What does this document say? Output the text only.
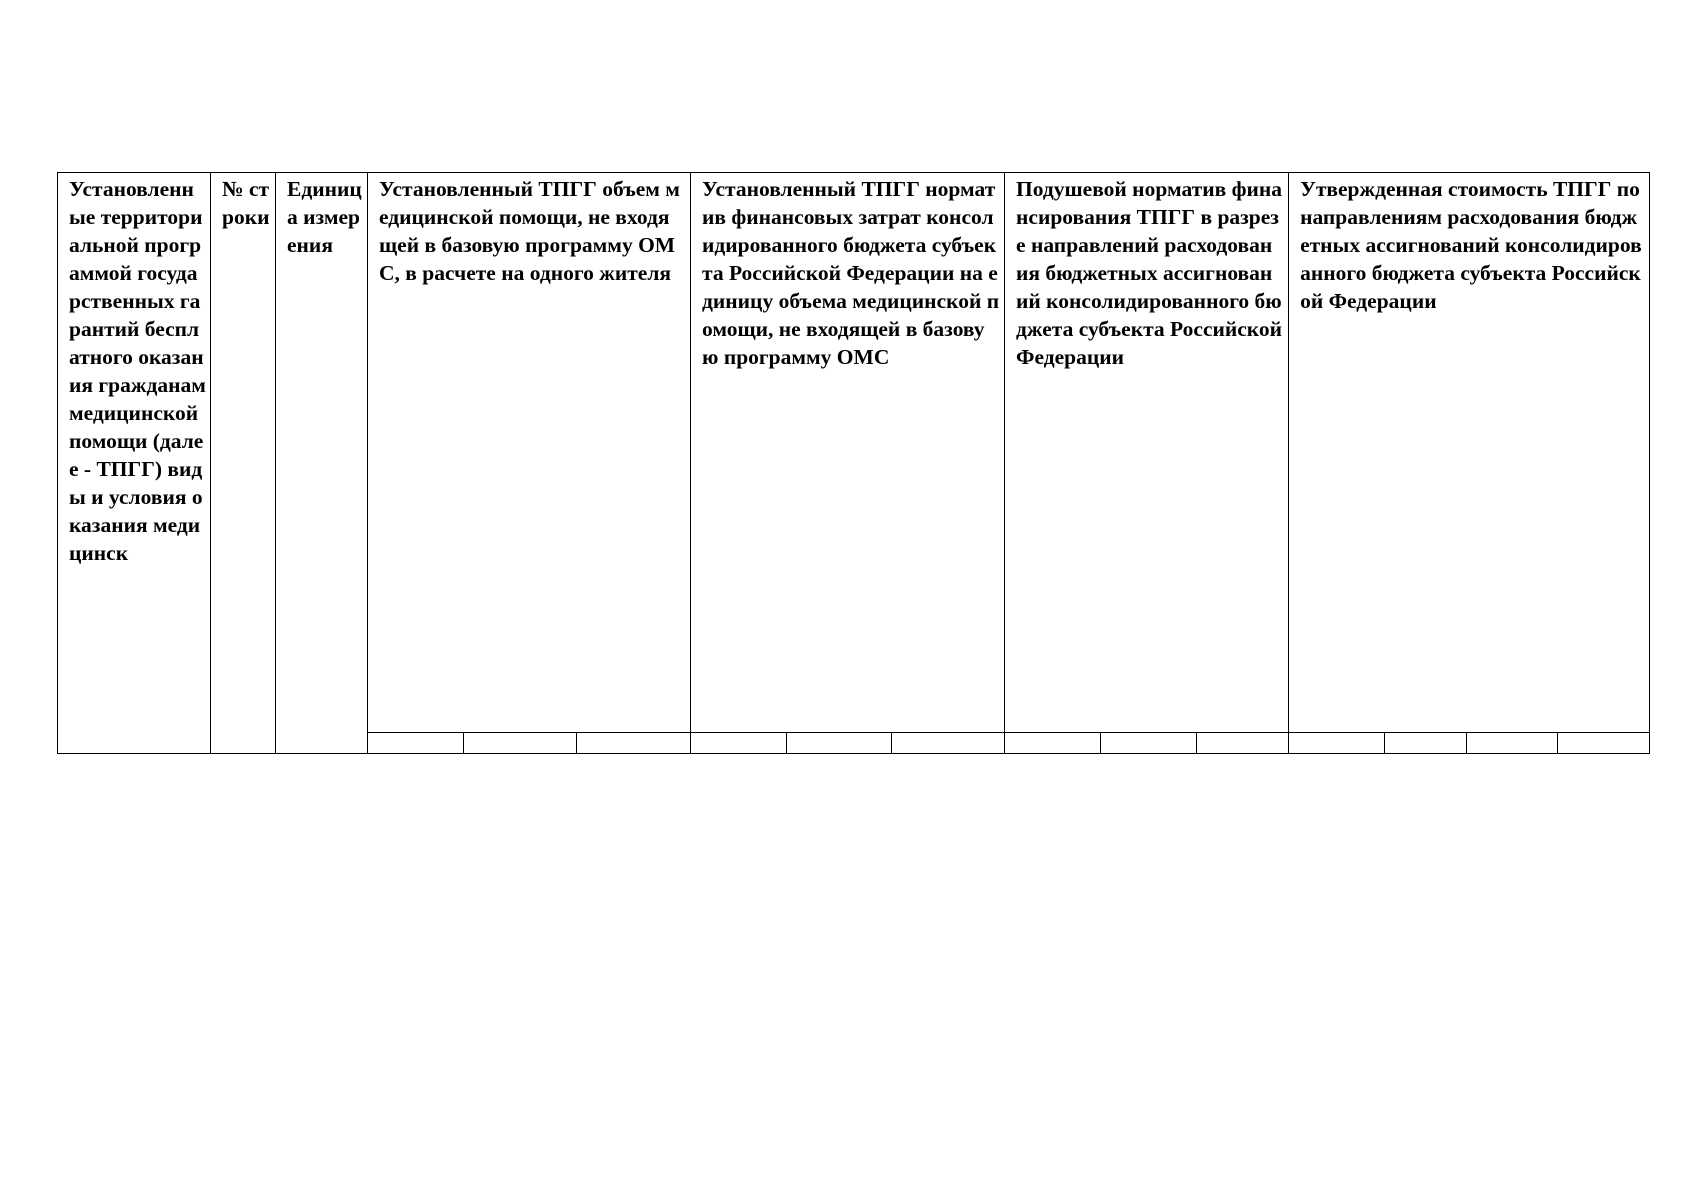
Установленные территориальной программой государственных гарантий бесплатного оказания гражданам медицинской помощи (далее - ТПГГ) виды и условия оказания медицинск	№ строки	Единица измерения	Установленный ТПГГ объем медицинской помощи, не входящей в базовую программу ОМС, в расчете на одного жителя			Установленный ТПГГ норматив финансовых затрат консолидированного бюджета субъекта Российской Федерации на единицу объема медицинской помощи, не входящей в базовую программу ОМС			Подушевой норматив финансирования ТПГГ в разрезе направлений расходования бюджетных ассигнований консолидированного бюджета субъекта Российской Федерации			Утвержденная стоимость ТПГГ по направлениям расходования бюджетных ассигнований консолидированного бюджета субъекта Российской Федерации			
